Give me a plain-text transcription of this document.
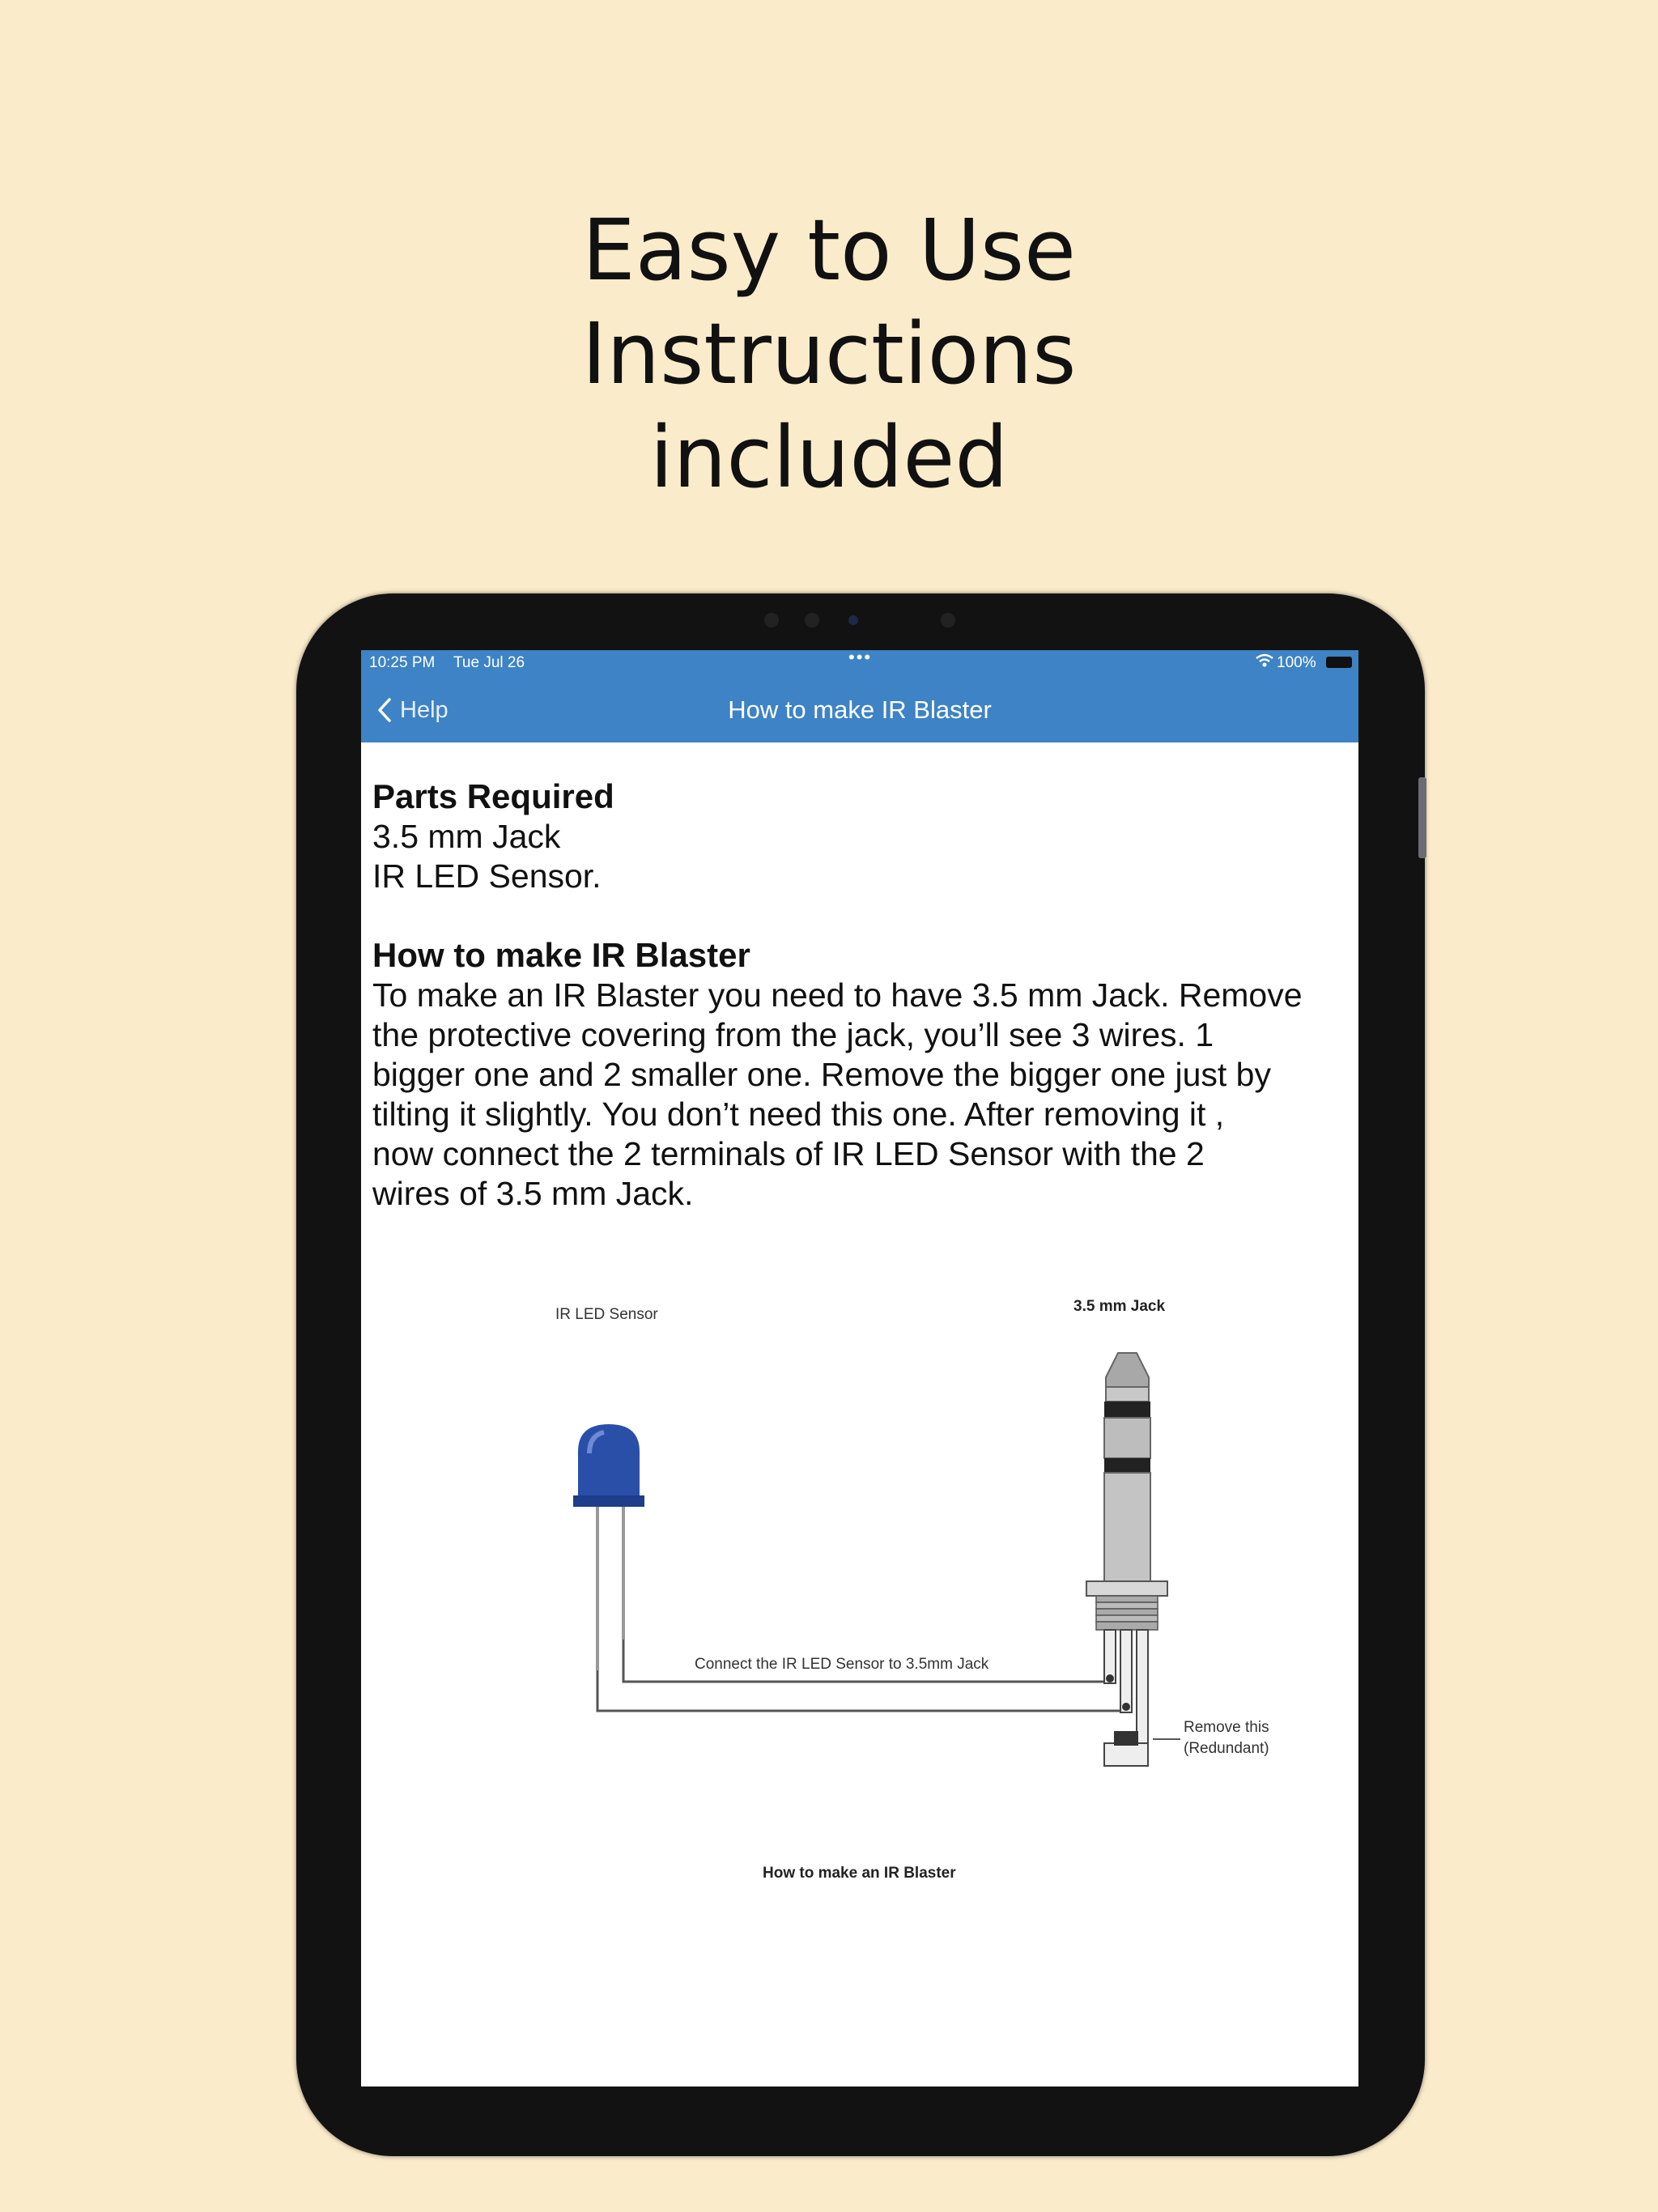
Easy to Use
Instructions
included
10:25 PM Tue Jul 26	•••	100%
Help	How to make IR Blaster
Parts Required
3.5 mm Jack
IR LED Sensor.
How to make IR Blaster
To make an IR Blaster you need to have 3.5 mm Jack. Remove
the protective covering from the jack, you’ll see 3 wires. 1
bigger one and 2 smaller one. Remove the bigger one just by
tilting it slightly. You don’t need this one. After removing it ,
now connect the 2 terminals of IR LED Sensor with the 2
wires of 3.5 mm Jack.
IR LED Sensor	3.5 mm Jack
Connect the IR LED Sensor to 3.5mm Jack
Remove this
(Redundant)
How to make an IR Blaster
